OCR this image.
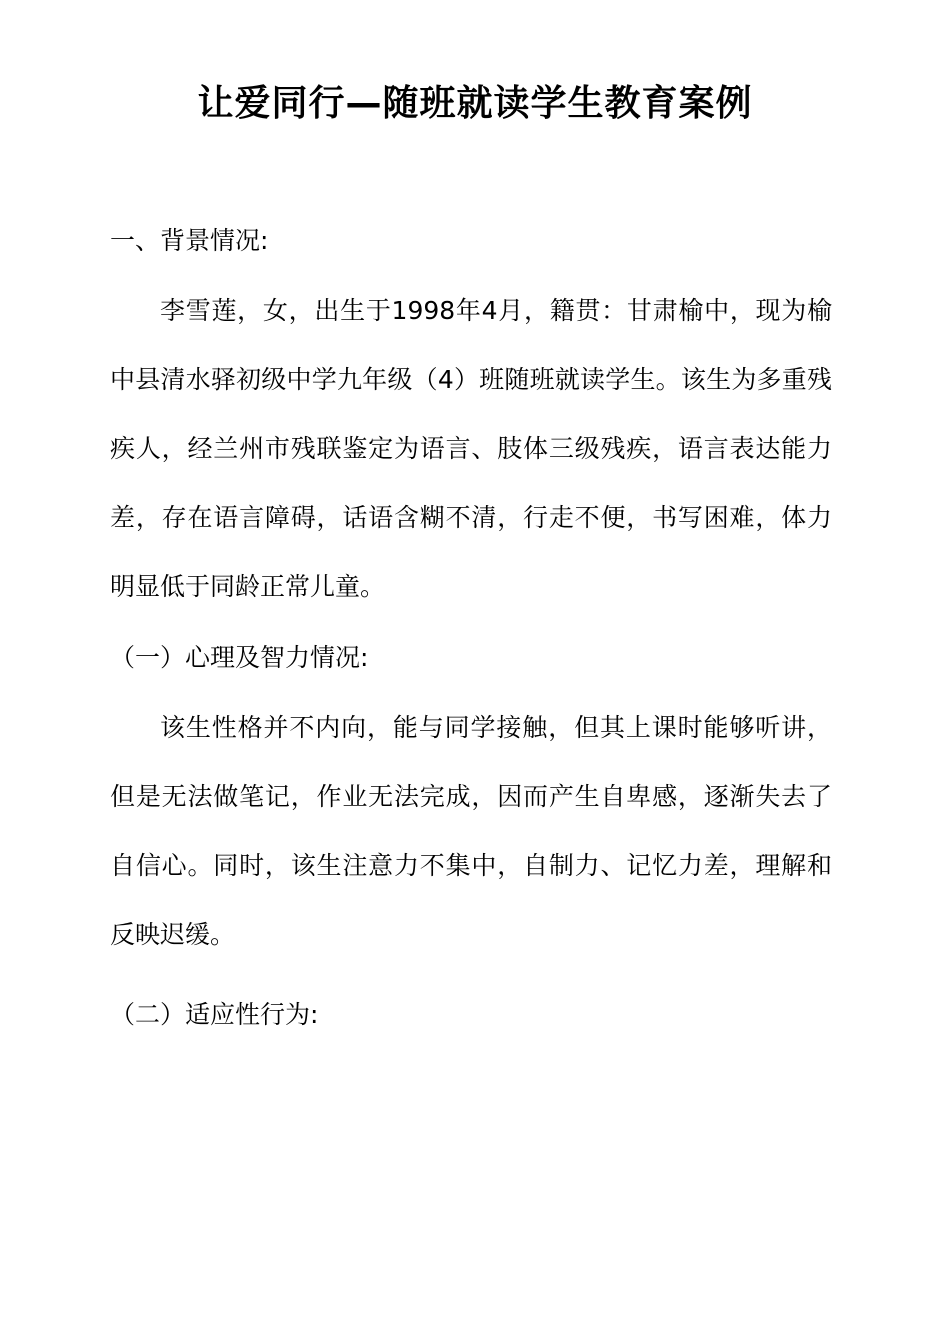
让爱同行—随班就读学生教育案例

一、背景情况:

李雪莲，女，出生于1998年4月，籍贯：甘肃榆中，现为榆中县清水驿初级中学九年级（4）班随班就读学生。该生为多重残疾人，经兰州市残联鉴定为语言、肢体三级残疾，语言表达能力差，存在语言障碍，话语含糊不清，行走不便，书写困难，体力明显低于同龄正常儿童。

（一）心理及智力情况:

该生性格并不内向，能与同学接触，但其上课时能够听讲，但是无法做笔记，作业无法完成，因而产生自卑感，逐渐失去了自信心。同时，该生注意力不集中，自制力、记忆力差，理解和反映迟缓。

（二）适应性行为:
